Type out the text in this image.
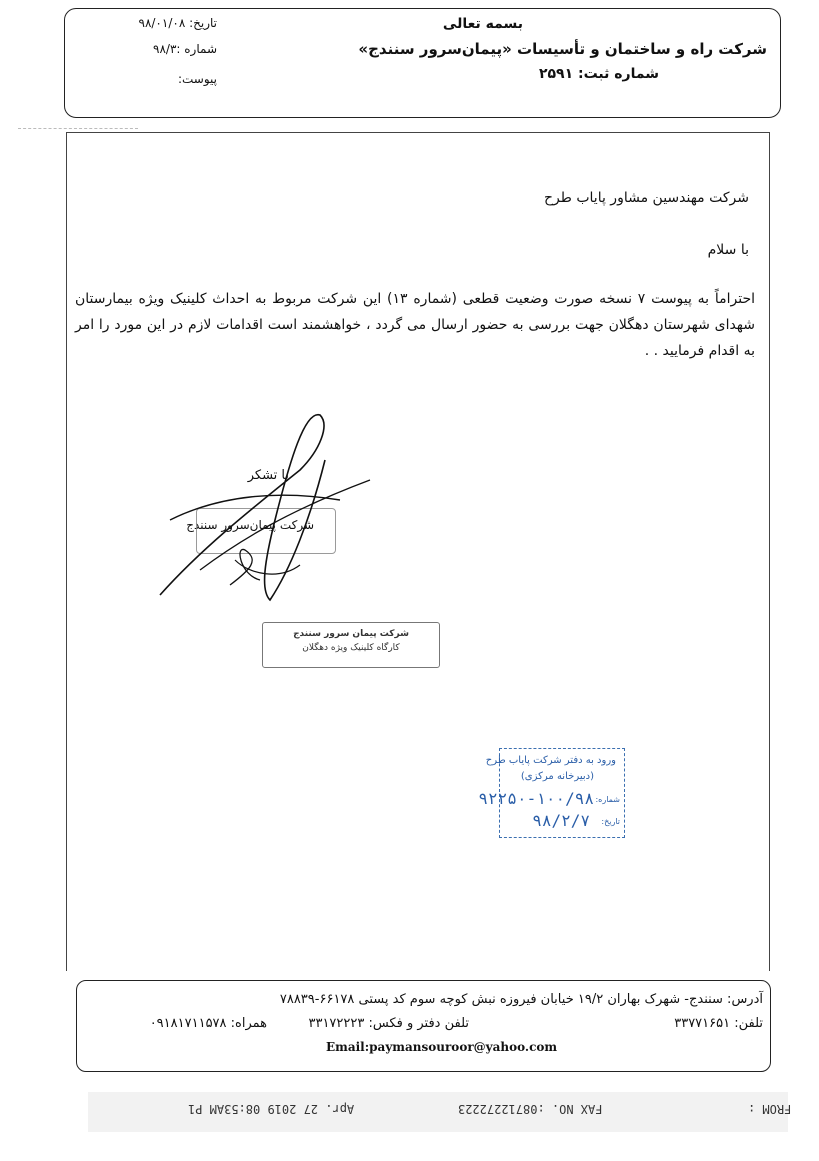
بسمه تعالی
شرکت راه و ساختمان و تأسیسات «پیمان‌سرور سنندج»
شماره ثبت: ۲۵۹۱
تاریخ: ۹۸/۰۱/۰۸
شماره :۹۸/۳
پیوست:
شرکت مهندسین مشاور پایاب طرح
با سلام
احتراماً به پیوست ۷ نسخه صورت وضعیت قطعی (شماره ۱۳) این شرکت مربوط به احداث کلینیک ویژه بیمارستان شهدای شهرستان دهگلان جهت بررسی به حضور ارسال می گردد ، خواهشمند است اقدامات لازم در این مورد را امر به اقدام فرمایید . .
با تشکر
شرکت پیمان‌سرور سنندج
شرکت پیمان سرور سنندج
کارگاه کلینیک ویژه دهگلان
ورود به دفتر شرکت پایاب طرح
(دبیرخانه مرکزی)
شماره:
۹۲۲۵۰-۱۰۰/۹۸
تاریخ:
۹۸/۲/۷
آدرس: سنندج- شهرک بهاران ۱۹/۲ خیابان فیروزه نبش کوچه سوم کد پستی ۶۶۱۷۸-۷۸۸۳۹
تلفن: ۳۳۷۷۱۶۵۱
تلفن دفتر و فکس: ۳۳۱۷۲۲۲۳
همراه: ۰۹۱۸۱۷۱۱۵۷۸
Email:paymansouroor@yahoo.com
FROM :
FAX NO. :08712272223
Apr. 27 2019 08:53AM P1
